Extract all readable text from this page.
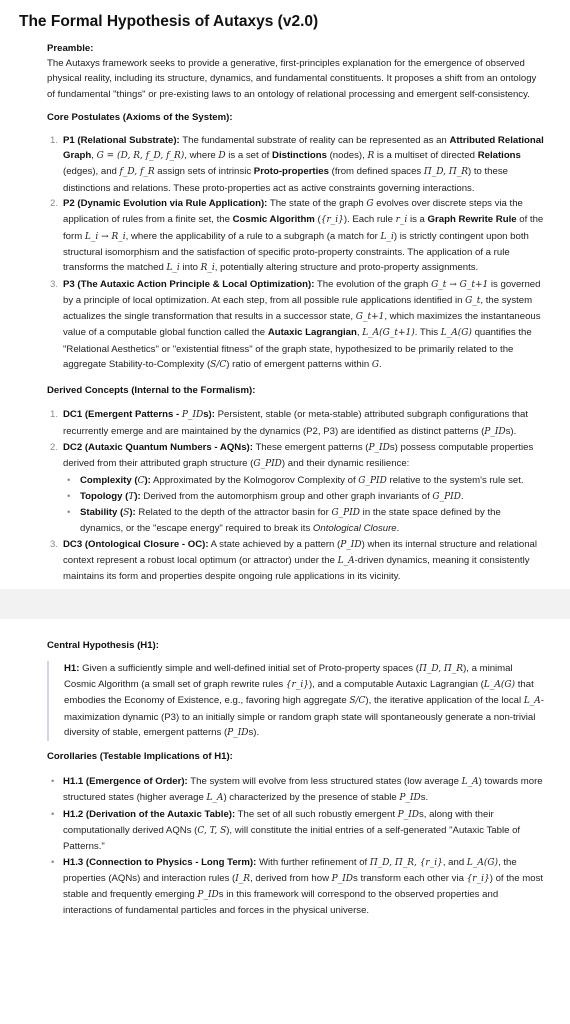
The Formal Hypothesis of Autaxys (v2.0)
Preamble:

The Autaxys framework seeks to provide a generative, first-principles explanation for the emergence of observed physical reality, including its structure, dynamics, and fundamental constituents. It proposes a shift from an ontology of fundamental "things" or pre-existing laws to an ontology of relational processing and emergent self-consistency.

Core Postulates (Axioms of the System):
1. P1 (Relational Substrate): The fundamental substrate of reality can be represented as an Attributed Relational Graph, G = (D, R, f_D, f_R), where D is a set of Distinctions (nodes), R is a multiset of directed Relations (edges), and f_D, f_R assign sets of intrinsic Proto-properties (from defined spaces Π_D, Π_R) to these distinctions and relations. These proto-properties act as active constraints governing interactions.
2. P2 (Dynamic Evolution via Rule Application): The state of the graph G evolves over discrete steps via the application of rules from a finite set, the Cosmic Algorithm ({r_i}). Each rule r_i is a Graph Rewrite Rule of the form L_i → R_i, where the applicability of a rule to a subgraph (a match for L_i) is strictly contingent upon both structural isomorphism and the satisfaction of specific proto-property constraints. The application of a rule transforms the matched L_i into R_i, potentially altering structure and proto-property assignments.
3. P3 (The Autaxic Action Principle & Local Optimization): The evolution of the graph G_t → G_t+1 is governed by a principle of local optimization. At each step, from all possible rule applications identified in G_t, the system actualizes the single transformation that results in a successor state, G_t+1, which maximizes the instantaneous value of a computable global function called the Autaxic Lagrangian, L_A(G_t+1). This L_A(G) quantifies the "Relational Aesthetics" or "existential fitness" of the graph state, hypothesized to be primarily related to the aggregate Stability-to-Complexity (S/C) ratio of emergent patterns within G.
Derived Concepts (Internal to the Formalism):
1. DC1 (Emergent Patterns - P_IDs): Persistent, stable (or meta-stable) attributed subgraph configurations that recurrently emerge and are maintained by the dynamics (P2, P3) are identified as distinct patterns (P_IDs).
2. DC2 (Autaxic Quantum Numbers - AQNs): These emergent patterns (P_IDs) possess computable properties derived from their attributed graph structure (G_PID) and their dynamic resilience:
• Complexity (C): Approximated by the Kolmogorov Complexity of G_PID relative to the system's rule set.
• Topology (T): Derived from the automorphism group and other graph invariants of G_PID.
• Stability (S): Related to the depth of the attractor basin for G_PID in the state space defined by the dynamics, or the "escape energy" required to break its Ontological Closure.
3. DC3 (Ontological Closure - OC): A state achieved by a pattern (P_ID) when its internal structure and relational context represent a robust local optimum (or attractor) under the L_A-driven dynamics, meaning it consistently maintains its form and properties despite ongoing rule applications in its vicinity.
Central Hypothesis (H1):

H1: Given a sufficiently simple and well-defined initial set of Proto-property spaces (Π_D, Π_R), a minimal Cosmic Algorithm (a small set of graph rewrite rules {r_i}), and a computable Autaxic Lagrangian (L_A(G) that embodies the Economy of Existence, e.g., favoring high aggregate S/C), the iterative application of the local L_A-maximization dynamic (P3) to an initially simple or random graph state will spontaneously generate a non-trivial diversity of stable, emergent patterns (P_IDs).

Corollaries (Testable Implications of H1):
• H1.1 (Emergence of Order): The system will evolve from less structured states (low average L_A) towards more structured states (higher average L_A) characterized by the presence of stable P_IDs.
• H1.2 (Derivation of the Autaxic Table): The set of all such robustly emergent P_IDs, along with their computationally derived AQNs (C, T, S), will constitute the initial entries of a self-generated "Autaxic Table of Patterns."
• H1.3 (Connection to Physics - Long Term): With further refinement of Π_D, Π_R, {r_i}, and L_A(G), the properties (AQNs) and interaction rules (I_R, derived from how P_IDs transform each other via {r_i}) of the most stable and frequently emerging P_IDs in this framework will correspond to the observed properties and interactions of fundamental particles and forces in the physical universe.
